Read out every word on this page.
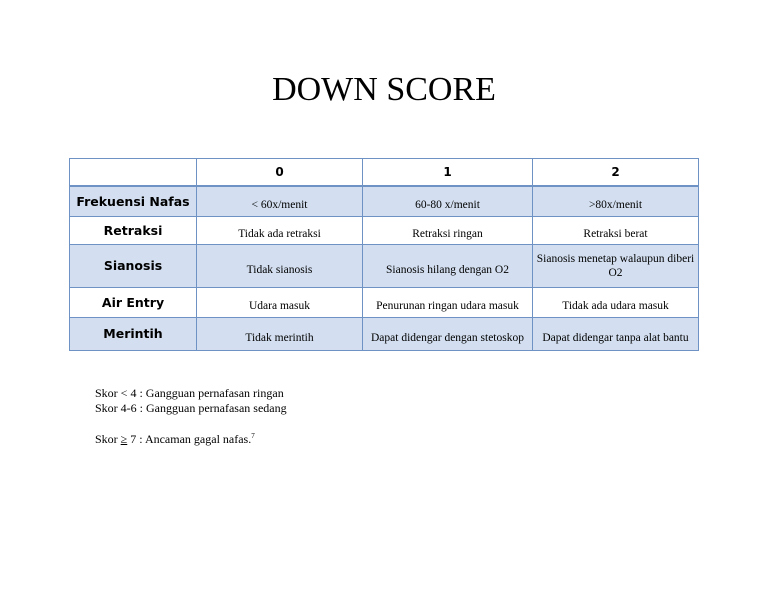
DOWN SCORE
	0	1	2
Frekuensi Nafas	< 60x/menit	60-80 x/menit	>80x/menit
Retraksi	Tidak ada retraksi	Retraksi ringan	Retraksi berat
Sianosis	Tidak sianosis	Sianosis hilang dengan O2	Sianosis menetap walaupun diberi O2
Air Entry	Udara masuk	Penurunan ringan udara masuk	Tidak ada udara masuk
Merintih	Tidak merintih	Dapat didengar dengan stetoskop	Dapat didengar tanpa alat bantu

Skor < 4 : Gangguan pernafasan ringan

Skor 4-6 : Gangguan pernafasan sedang

Skor ≥ 7 : Ancaman gagal nafas.$^7$
